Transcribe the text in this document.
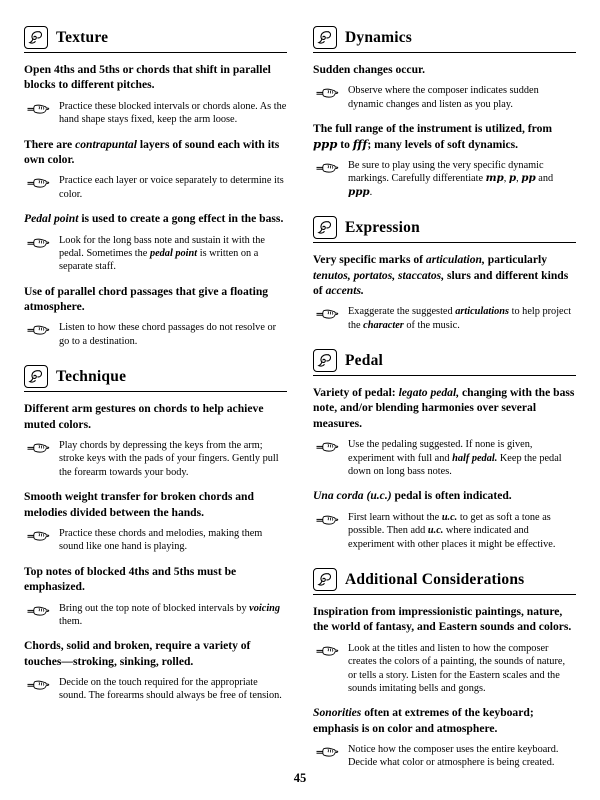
Texture

Open 4ths and 5ths or chords that shift in parallel blocks to different pitches.

Practice these blocked intervals or chords alone. As the hand shape stays fixed, keep the arm loose.

There are contrapuntal layers of sound each with its own color.

Practice each layer or voice separately to determine its color.

Pedal point is used to create a gong effect in the bass.

Look for the long bass note and sustain it with the pedal. Sometimes the pedal point is written on a separate staff.

Use of parallel chord passages that give a floating atmosphere.

Listen to how these chord passages do not resolve or go to a destination.
Technique

Different arm gestures on chords to help achieve muted colors.

Play chords by depressing the keys from the arm; stroke keys with the pads of your fingers. Gently pull the forearm towards your body.

Smooth weight transfer for broken chords and melodies divided between the hands.

Practice these chords and melodies, making them sound like one hand is playing.

Top notes of blocked 4ths and 5ths must be emphasized.

Bring out the top note of blocked intervals by voicing them.

Chords, solid and broken, require a variety of touches—stroking, sinking, rolled.

Decide on the touch required for the appropriate sound. The forearms should always be free of tension.
Dynamics

Sudden changes occur.

Observe where the composer indicates sudden dynamic changes and listen as you play.

The full range of the instrument is utilized, from ppp to fff; many levels of soft dynamics.

Be sure to play using the very specific dynamic markings. Carefully differentiate mp, p, pp and ppp.
Expression

Very specific marks of articulation, particularly tenutos, portatos, staccatos, slurs and different kinds of accents.

Exaggerate the suggested articulations to help project the character of the music.
Pedal

Variety of pedal: legato pedal, changing with the bass note, and/or blending harmonies over several measures.

Use the pedaling suggested. If none is given, experiment with full and half pedal. Keep the pedal down on long bass notes.

Una corda (u.c.) pedal is often indicated.

First learn without the u.c. to get as soft a tone as possible. Then add u.c. where indicated and experiment with other places it might be effective.
Additional Considerations

Inspiration from impressionistic paintings, nature, the world of fantasy, and Eastern sounds and colors.

Look at the titles and listen to how the composer creates the colors of a painting, the sounds of nature, or tells a story. Listen for the Eastern scales and the sounds imitating bells and gongs.

Sonorities often at extremes of the keyboard; emphasis is on color and atmosphere.

Notice how the composer uses the entire keyboard. Decide what color or atmosphere is being created.
45
